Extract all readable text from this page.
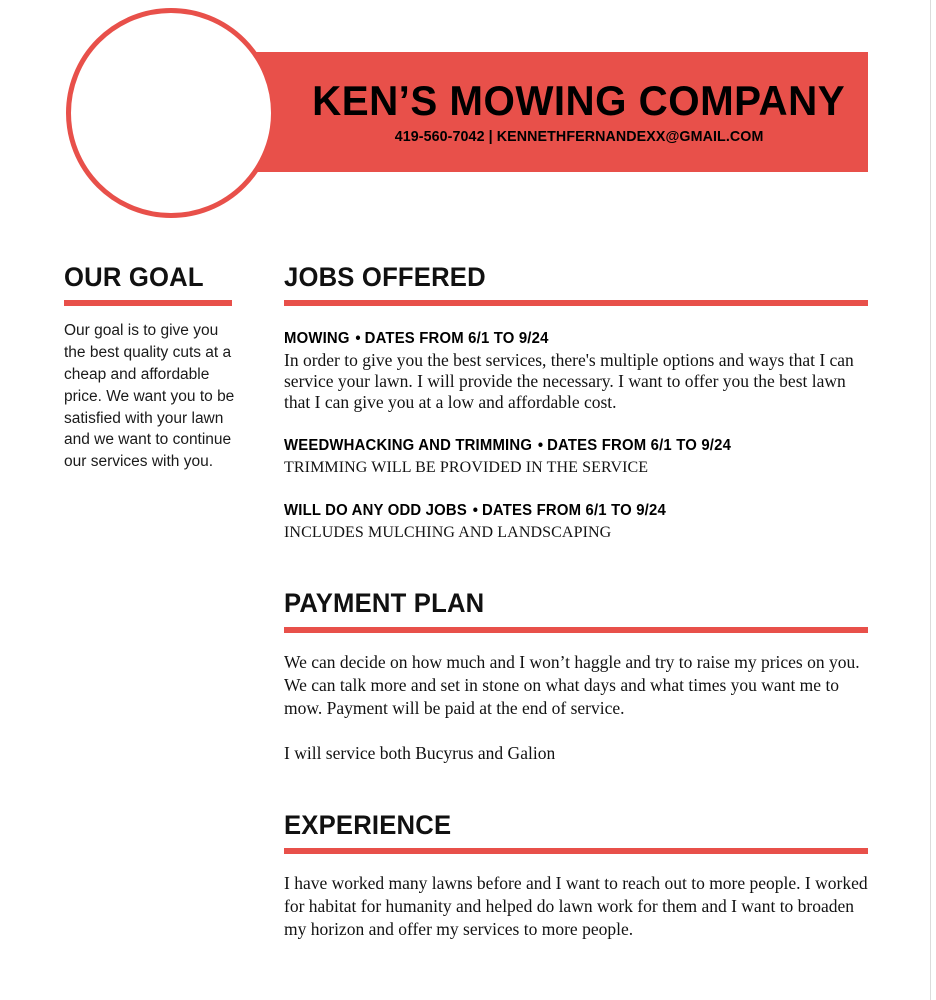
KEN’S MOWING COMPANY
419-560-7042 | KENNETHFERNANDEXX@GMAIL.COM
OUR GOAL

Our goal is to give you the best quality cuts at a cheap and affordable price. We want you to be satisfied with your lawn and we want to continue our services with you.

JOBS OFFERED
MOWING • DATES FROM 6/1 TO 9/24

In order to give you the best services, there's multiple options and ways that I can service your lawn. I will provide the necessary. I want to offer you the best lawn that I can give you at a low and affordable cost.

WEEDWHACKING AND TRIMMING • DATES FROM 6/1 TO 9/24

TRIMMING WILL BE PROVIDED IN THE SERVICE

WILL DO ANY ODD JOBS • DATES FROM 6/1 TO 9/24

INCLUDES MULCHING AND LANDSCAPING

PAYMENT PLAN

We can decide on how much and I won’t haggle and try to raise my prices on you. We can talk more and set in stone on what days and what times you want me to mow. Payment will be paid at the end of service.

I will service both Bucyrus and Galion

EXPERIENCE

I have worked many lawns before and I want to reach out to more people. I worked for habitat for humanity and helped do lawn work for them and I want to broaden my horizon and offer my services to more people.
